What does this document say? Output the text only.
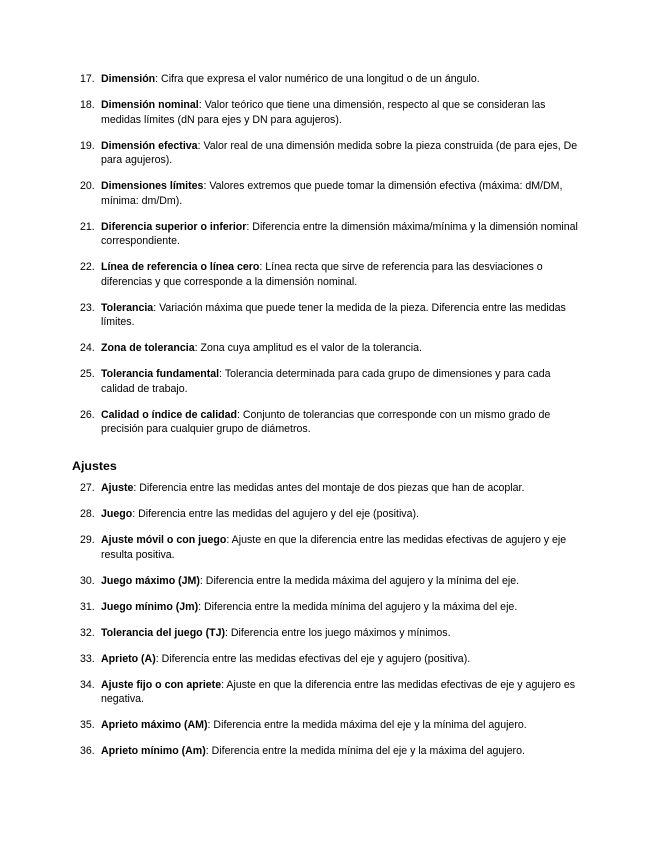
17. Dimensión: Cifra que expresa el valor numérico de una longitud o de un ángulo.
18. Dimensión nominal: Valor teórico que tiene una dimensión, respecto al que se consideran las medidas límites (dN para ejes y DN para agujeros).
19. Dimensión efectiva: Valor real de una dimensión medida sobre la pieza construida (de para ejes, De para agujeros).
20. Dimensiones límites: Valores extremos que puede tomar la dimensión efectiva (máxima: dM/DM, mínima: dm/Dm).
21. Diferencia superior o inferior: Diferencia entre la dimensión máxima/mínima y la dimensión nominal correspondiente.
22. Línea de referencia o línea cero: Línea recta que sirve de referencia para las desviaciones o diferencias y que corresponde a la dimensión nominal.
23. Tolerancia: Variación máxima que puede tener la medida de la pieza. Diferencia entre las medidas límites.
24. Zona de tolerancia: Zona cuya amplitud es el valor de la tolerancia.
25. Tolerancia fundamental: Tolerancia determinada para cada grupo de dimensiones y para cada calidad de trabajo.
26. Calidad o índice de calidad: Conjunto de tolerancias que corresponde con un mismo grado de precisión para cualquier grupo de diámetros.
Ajustes
27. Ajuste: Diferencia entre las medidas antes del montaje de dos piezas que han de acoplar.
28. Juego: Diferencia entre las medidas del agujero y del eje (positiva).
29. Ajuste móvil o con juego: Ajuste en que la diferencia entre las medidas efectivas de agujero y eje resulta positiva.
30. Juego máximo (JM): Diferencia entre la medida máxima del agujero y la mínima del eje.
31. Juego mínimo (Jm): Diferencia entre la medida mínima del agujero y la máxima del eje.
32. Tolerancia del juego (TJ): Diferencia entre los juego máximos y mínimos.
33. Aprieto (A): Diferencia entre las medidas efectivas del eje y agujero (positiva).
34. Ajuste fijo o con apriete: Ajuste en que la diferencia entre las medidas efectivas de eje y agujero es negativa.
35. Aprieto máximo (AM): Diferencia entre la medida máxima del eje y la mínima del agujero.
36. Aprieto mínimo (Am): Diferencia entre la medida mínima del eje y la máxima del agujero.
